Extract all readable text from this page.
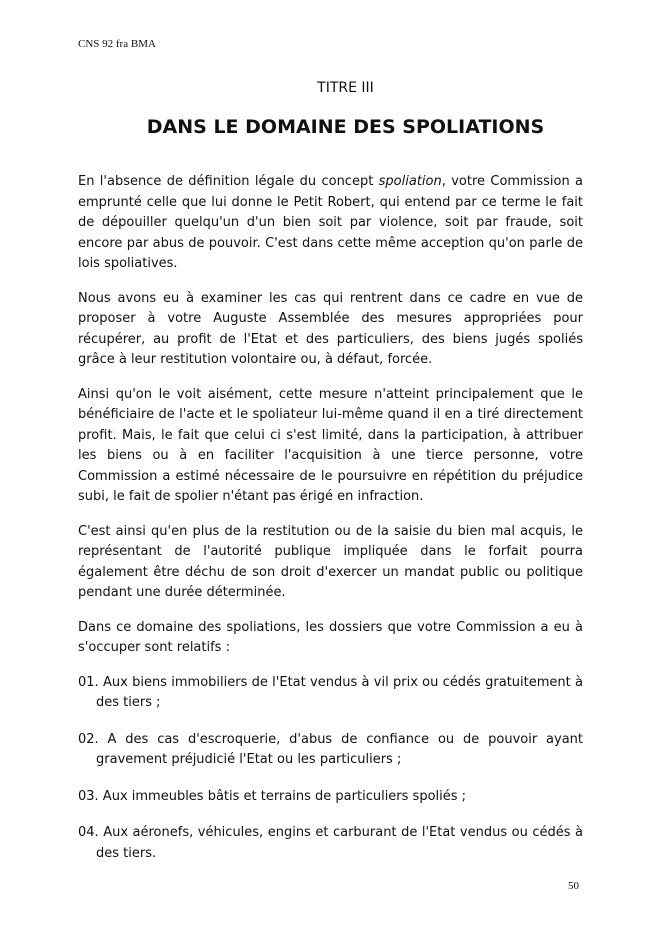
CNS 92 fra BMA
TITRE III
DANS LE DOMAINE DES SPOLIATIONS

En l'absence de définition légale du concept spoliation, votre Commission a emprunté celle que lui donne le Petit Robert, qui entend par ce terme le fait de dépouiller quelqu'un d'un bien soit par violence, soit par fraude, soit encore par abus de pouvoir. C'est dans cette même acception qu'on parle de lois spoliatives.

Nous avons eu à examiner les cas qui rentrent dans ce cadre en vue de proposer à votre Auguste Assemblée des mesures appropriées pour récupérer, au profit de l'Etat et des particuliers, des biens jugés spoliés grâce à leur restitution volontaire ou, à défaut, forcée.

Ainsi qu'on le voit aisément, cette mesure n'atteint principalement que le bénéficiaire de l'acte et le spoliateur lui-même quand il en a tiré directement profit. Mais, le fait que celui ci s'est limité, dans la participation, à attribuer les biens ou à en faciliter l'acquisition à une tierce personne, votre Commission a estimé nécessaire de le poursuivre en répétition du préjudice subi, le fait de spolier n'étant pas érigé en infraction.

C'est ainsi qu'en plus de la restitution ou de la saisie du bien mal acquis, le représentant de l'autorité publique impliquée dans le forfait pourra également être déchu de son droit d'exercer un mandat public ou politique pendant une durée déterminée.

Dans ce domaine des spoliations, les dossiers que votre Commission a eu à s'occuper sont relatifs :

01. Aux biens immobiliers de l'Etat vendus à vil prix ou cédés gratuitement à des tiers ;

02. A des cas d'escroquerie, d'abus de confiance ou de pouvoir ayant gravement préjudicié l'Etat ou les particuliers ;

03. Aux immeubles bâtis et terrains de particuliers spoliés ;

04. Aux aéronefs, véhicules, engins et carburant de l'Etat vendus ou cédés à des tiers.

50
